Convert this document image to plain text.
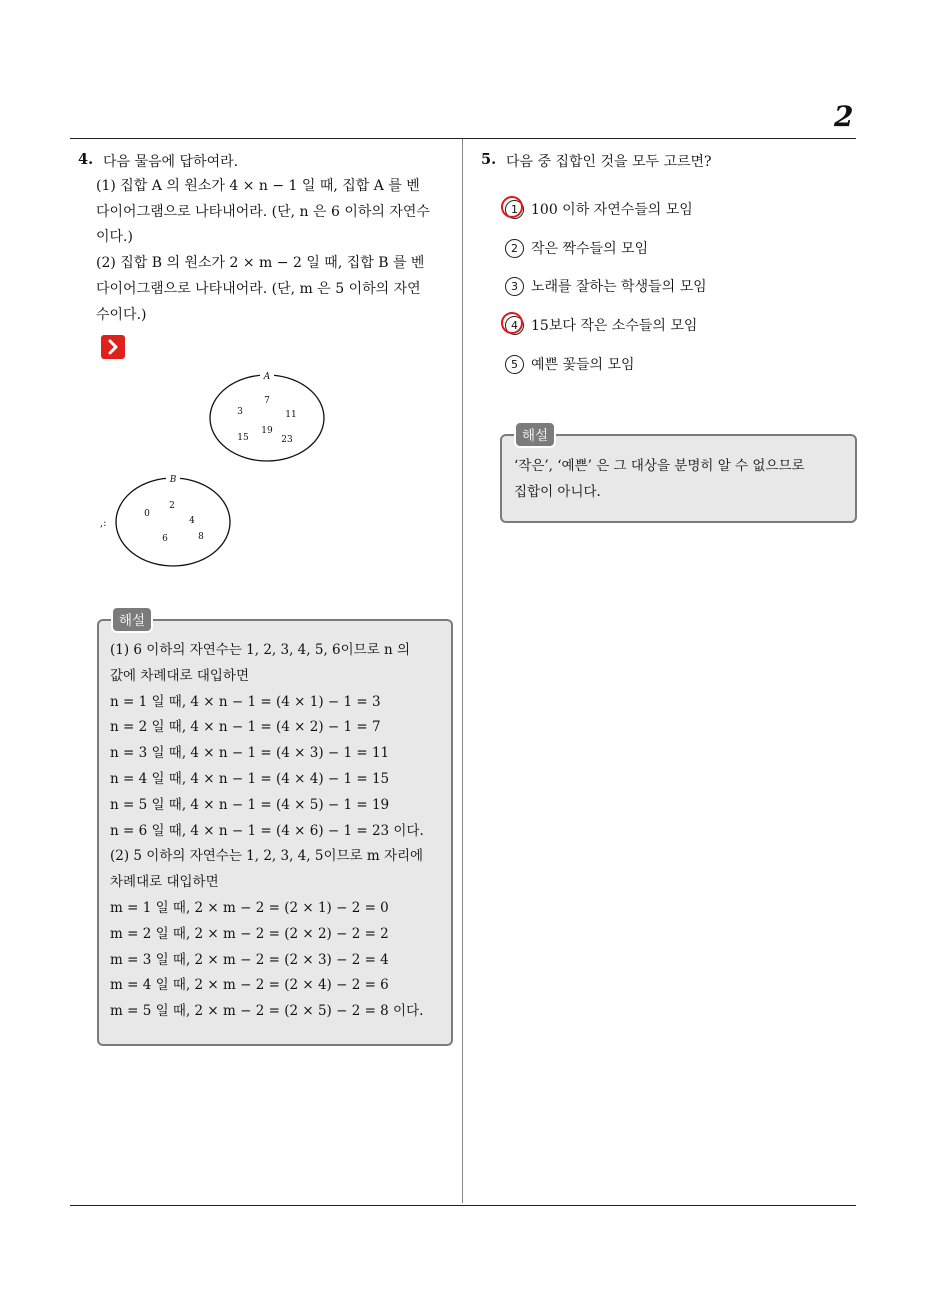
2
4. 다음 물음에 답하여라.
(1) 집합 A 의 원소가 4 × n − 1 일 때, 집합 A 를 벤
다이어그램으로 나타내어라. (단, n 은 6 이하의 자연수
이다.)
(2) 집합 B 의 원소가 2 × m − 2 일 때, 집합 B 를 벤
다이어그램으로 나타내어라. (단, m 은 5 이하의 자연
수이다.)
A
3
7
11
15
19
23
B
0
2
4
6	8
,:
해설
(1) 6 이하의 자연수는 1, 2, 3, 4, 5, 6이므로 n 의
값에 차례대로 대입하면
n = 1 일 때, 4 × n − 1 = (4 × 1) − 1 = 3
n = 2 일 때, 4 × n − 1 = (4 × 2) − 1 = 7
n = 3 일 때, 4 × n − 1 = (4 × 3) − 1 = 11
n = 4 일 때, 4 × n − 1 = (4 × 4) − 1 = 15
n = 5 일 때, 4 × n − 1 = (4 × 5) − 1 = 19
n = 6 일 때, 4 × n − 1 = (4 × 6) − 1 = 23 이다.
(2) 5 이하의 자연수는 1, 2, 3, 4, 5이므로 m 자리에
차례대로 대입하면
m = 1 일 때, 2 × m − 2 = (2 × 1) − 2 = 0
m = 2 일 때, 2 × m − 2 = (2 × 2) − 2 = 2
m = 3 일 때, 2 × m − 2 = (2 × 3) − 2 = 4
m = 4 일 때, 2 × m − 2 = (2 × 4) − 2 = 6
m = 5 일 때, 2 × m − 2 = (2 × 5) − 2 = 8 이다.
5. 다음 중 집합인 것을 모두 고르면?
1 100 이하 자연수들의 모임
2 작은 짝수들의 모임
3 노래를 잘하는 학생들의 모임
4 15보다 작은 소수들의 모임
5 예쁜 꽃들의 모임
해설
‘작은’, ‘예쁜’ 은 그 대상을 분명히 알 수 없으므로
집합이 아니다.
